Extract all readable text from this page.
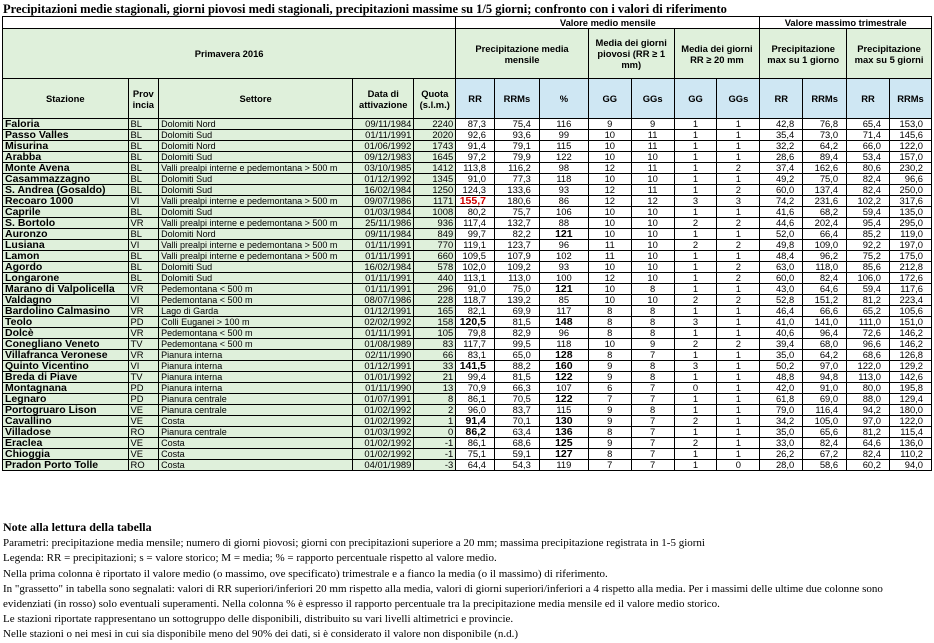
Precipitazioni medie stagionali, giorni piovosi medi stagionali, precipitazioni massime su 1/5 giorni; confronto con i valori di riferimento
					Valore medio mensile							Valore massimo trimestrale			
Primavera 2016					Precipitazione media mensile			Media dei giorni piovosi (RR ≥ 1 mm)		Media dei giorni RR ≥ 20 mm		Precipitazione max su 1 giorno		Precipitazione max su 5 giorni	
Stazione	Prov incia	Settore	Data di attivazione	Quota (s.l.m.)	RR	RRMs	%	GG	GGs	GG	GGs	RR	RRMs	RR	RRMs
Faloria	BL	Dolomiti Nord	09/11/1984	2240	87,3	75,4	116	9	9	1	1	42,8	76,8	65,4	153,0
Passo Valles	BL	Dolomiti Sud	01/11/1991	2020	92,6	93,6	99	10	11	1	1	35,4	73,0	71,4	145,6
Misurina	BL	Dolomiti Nord	01/06/1992	1743	91,4	79,1	115	10	11	1	1	32,2	64,2	66,0	122,0
Arabba	BL	Dolomiti Sud	09/12/1983	1645	97,2	79,9	122	10	10	1	1	28,6	89,4	53,4	157,0
Monte Avena	BL	Valli prealpi interne e pedemontana > 500 m	03/10/1985	1412	113,8	116,2	98	12	11	1	2	37,4	162,6	80,6	230,2
Casammazzagno	BL	Dolomiti Sud	01/12/1992	1345	91,0	77,3	118	10	10	1	1	49,2	75,0	82,4	96,6
S. Andrea (Gosaldo)	BL	Dolomiti Sud	16/02/1984	1250	124,3	133,6	93	12	11	1	2	60,0	137,4	82,4	250,0
Recoaro 1000	VI	Valli prealpi interne e pedemontana > 500 m	09/07/1986	1171	155,7	180,6	86	12	12	3	3	74,2	231,6	102,2	317,6
Caprile	BL	Dolomiti Sud	01/03/1984	1008	80,2	75,7	106	10	10	1	1	41,6	68,2	59,4	135,0
S. Bortolo	VR	Valli prealpi interne e pedemontana > 500 m	25/11/1986	936	117,4	132,7	88	10	10	2	2	44,6	202,4	95,4	295,0
Auronzo	BL	Dolomiti Nord	09/11/1984	849	99,7	82,2	121	10	10	1	1	52,0	66,4	85,2	119,0
Lusiana	VI	Valli prealpi interne e pedemontana > 500 m	01/11/1991	770	119,1	123,7	96	11	10	2	2	49,8	109,0	92,2	197,0
Lamon	BL	Valli prealpi interne e pedemontana > 500 m	01/11/1991	660	109,5	107,9	102	11	10	1	1	48,4	96,2	75,2	175,0
Agordo	BL	Dolomiti Sud	16/02/1984	578	102,0	109,2	93	10	10	1	2	63,0	118,0	85,6	212,8
Longarone	BL	Dolomiti Sud	01/11/1991	440	113,1	113,0	100	12	10	1	2	60,0	82,4	106,0	172,6
Marano di Valpolicella	VR	Pedemontana < 500 m	01/11/1991	296	91,0	75,0	121	10	8	1	1	43,0	64,6	59,4	117,6
Valdagno	VI	Pedemontana < 500 m	08/07/1986	228	118,7	139,2	85	10	10	2	2	52,8	151,2	81,2	223,4
Bardolino Calmasino	VR	Lago di Garda	01/12/1991	165	82,1	69,9	117	8	8	1	1	46,4	66,6	65,2	105,6
Teolo	PD	Colli Euganei > 100 m	02/02/1992	158	120,5	81,5	148	8	8	3	1	41,0	141,0	111,0	151,0
Dolcè	VR	Pedemontana < 500 m	01/11/1991	105	79,8	82,9	96	8	8	1	1	40,6	96,4	72,6	146,2
Conegliano Veneto	TV	Pedemontana < 500 m	01/08/1989	83	117,7	99,5	118	10	9	2	2	39,4	68,0	96,6	146,2
Villafranca Veronese	VR	Pianura interna	02/11/1990	66	83,1	65,0	128	8	7	1	1	35,0	64,2	68,6	126,8
Quinto Vicentino	VI	Pianura interna	01/12/1991	33	141,5	88,2	160	9	8	3	1	50,2	97,0	122,0	129,2
Breda di Piave	TV	Pianura interna	01/01/1992	21	99,4	81,5	122	9	8	1	1	48,8	94,8	113,0	142,6
Montagnana	PD	Pianura interna	01/11/1990	13	70,9	66,3	107	6	7	0	1	42,0	91,0	80,0	195,8
Legnaro	PD	Pianura centrale	01/07/1991	8	86,1	70,5	122	7	7	1	1	61,8	69,0	88,0	129,4
Portogruaro Lison	VE	Pianura centrale	01/02/1992	2	96,0	83,7	115	9	8	1	1	79,0	116,4	94,2	180,0
Cavallino	VE	Costa	01/02/1992	1	91,4	70,1	130	9	7	2	1	34,2	105,0	97,0	122,0
Villadose	RO	Pianura centrale	01/03/1992	0	86,2	63,4	136	8	7	1	1	35,0	65,6	81,2	115,4
Eraclea	VE	Costa	01/02/1992	-1	86,1	68,6	125	9	7	2	1	33,0	82,4	64,6	136,0
Chioggia	VE	Costa	01/02/1992	-1	75,1	59,1	127	8	7	1	1	26,2	67,2	82,4	110,2
Pradon Porto Tolle	RO	Costa	04/01/1989	-3	64,4	54,3	119	7	7	1	0	28,0	58,6	60,2	94,0
Note alla lettura della tabella
Parametri: precipitazione media mensile; numero di giorni piovosi; giorni con precipitazioni superiore a 20 mm; massima precipitazione registrata in 1-5 giorni
Legenda: RR = precipitazioni; s = valore storico; M = media; % = rapporto percentuale rispetto al valore medio.
Nella prima colonna è riportato il valore medio (o massimo, ove specificato) trimestrale e a fianco la media (o il massimo) di riferimento.
In "grassetto" in tabella sono segnalati: valori di RR superiori/inferiori 20 mm rispetto alla media, valori di giorni superiori/inferiori a 4 rispetto alla media. Per i massimi delle ultime due colonne sono evidenziati (in rosso) solo eventuali superamenti. Nella colonna % è espresso il rapporto percentuale tra la precipitazione media mensile ed il valore medio storico.
Le stazioni riportate rappresentano un sottogruppo delle disponibili, distribuito su vari livelli altimetrici e provincie.
Nelle stazioni o nei mesi in cui sia disponibile meno del 90% dei dati, si è considerato il valore non disponibile (n.d.)
